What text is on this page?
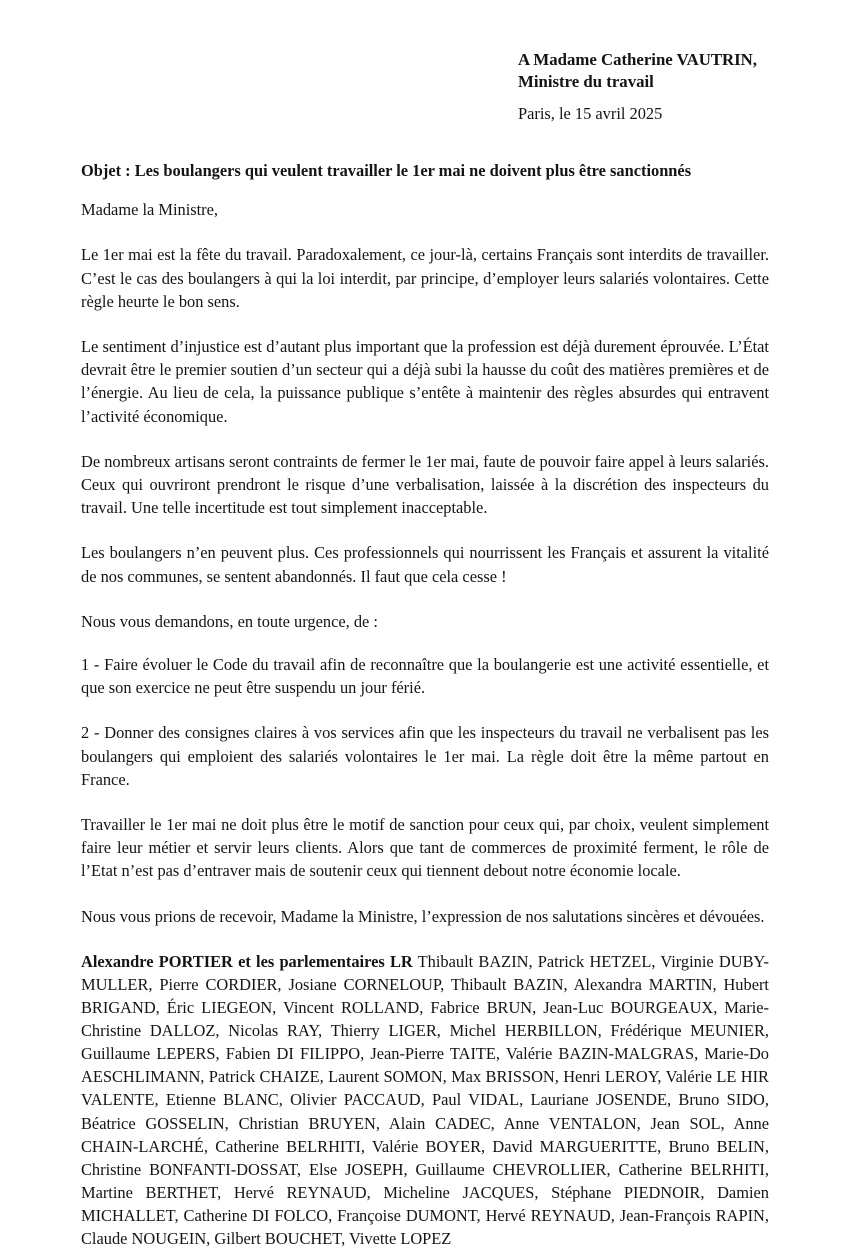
A Madame Catherine VAUTRIN,
Ministre du travail
Paris, le 15 avril 2025
Objet : Les boulangers qui veulent travailler le 1er mai ne doivent plus être sanctionnés
Madame la Ministre,

Le 1er mai est la fête du travail. Paradoxalement, ce jour-là, certains Français sont interdits de travailler. C’est le cas des boulangers à qui la loi interdit, par principe, d’employer leurs salariés volontaires. Cette règle heurte le bon sens.

Le sentiment d’injustice est d’autant plus important que la profession est déjà durement éprouvée. L’État devrait être le premier soutien d’un secteur qui a déjà subi la hausse du coût des matières premières et de l’énergie. Au lieu de cela, la puissance publique s’entête à maintenir des règles absurdes qui entravent l’activité économique.

De nombreux artisans seront contraints de fermer le 1er mai, faute de pouvoir faire appel à leurs salariés. Ceux qui ouvriront prendront le risque d’une verbalisation, laissée à la discrétion des inspecteurs du travail. Une telle incertitude est tout simplement inacceptable.

Les boulangers n’en peuvent plus. Ces professionnels qui nourrissent les Français et assurent la vitalité de nos communes, se sentent abandonnés. Il faut que cela cesse !

Nous vous demandons, en toute urgence, de :

1 - Faire évoluer le Code du travail afin de reconnaître que la boulangerie est une activité essentielle, et que son exercice ne peut être suspendu un jour férié.

2 - Donner des consignes claires à vos services afin que les inspecteurs du travail ne verbalisent pas les boulangers qui emploient des salariés volontaires le 1er mai. La règle doit être la même partout en France.

Travailler le 1er mai ne doit plus être le motif de sanction pour ceux qui, par choix, veulent simplement faire leur métier et servir leurs clients. Alors que tant de commerces de proximité ferment, le rôle de l’Etat n’est pas d’entraver mais de soutenir ceux qui tiennent debout notre économie locale.

Nous vous prions de recevoir, Madame la Ministre, l’expression de nos salutations sincères et dévouées.

Alexandre PORTIER et les parlementaires LR Thibault BAZIN, Patrick HETZEL, Virginie DUBY-MULLER, Pierre CORDIER, Josiane CORNELOUP, Thibault BAZIN, Alexandra MARTIN, Hubert BRIGAND, Éric LIEGEON, Vincent ROLLAND, Fabrice BRUN, Jean-Luc BOURGEAUX, Marie-Christine DALLOZ, Nicolas RAY, Thierry LIGER, Michel HERBILLON, Frédérique MEUNIER, Guillaume LEPERS, Fabien DI FILIPPO, Jean-Pierre TAITE, Valérie BAZIN-MALGRAS, Marie-Do AESCHLIMANN, Patrick CHAIZE, Laurent SOMON, Max BRISSON, Henri LEROY, Valérie LE HIR VALENTE, Etienne BLANC, Olivier PACCAUD, Paul VIDAL, Lauriane JOSENDE, Bruno SIDO, Béatrice GOSSELIN, Christian BRUYEN, Alain CADEC, Anne VENTALON, Jean SOL, Anne CHAIN-LARCHÉ, Catherine BELRHITI, Valérie BOYER, David MARGUERITTE, Bruno BELIN, Christine BONFANTI-DOSSAT, Else JOSEPH, Guillaume CHEVROLLIER, Catherine BELRHITI, Martine BERTHET, Hervé REYNAUD, Micheline JACQUES, Stéphane PIEDNOIR, Damien MICHALLET, Catherine DI FOLCO, Françoise DUMONT, Hervé REYNAUD, Jean-François RAPIN, Claude NOUGEIN, Gilbert BOUCHET, Vivette LOPEZ
